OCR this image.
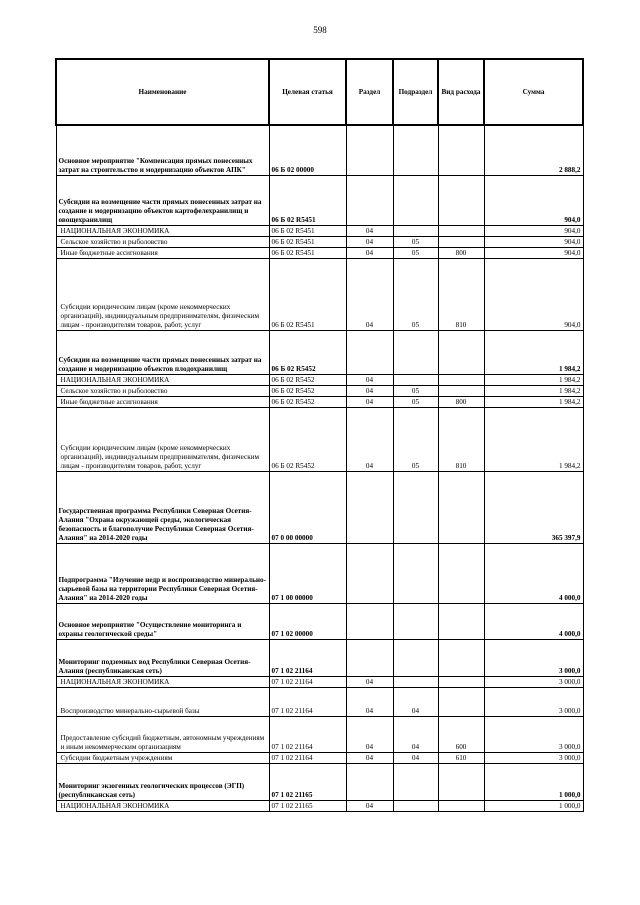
598
Наименование	Целевая статья	Раздел	Подраздел	Вид расхода	Сумма
Основное мероприятие "Компенсация прямых понесенных затрат на строительство и модернизацию объектов АПК"	06 Б 02 00000				2 888,2
Субсидии на возмещение части прямых понесенных затрат на создание и модернизацию объектов картофелехранилищ и овощехранилищ	06 Б 02 R5451				904,0
НАЦИОНАЛЬНАЯ ЭКОНОМИКА	06 Б 02 R5451	04			904,0
Сельское хозяйство и рыболовство	06 Б 02 R5451	04	05		904,0
Иные бюджетные ассигнования	06 Б 02 R5451	04	05	800	904,0
Субсидии юридическим лицам (кроме некоммерческих организаций), индивидуальным предпринимателям, физическим лицам - производителям товаров, работ, услуг	06 Б 02 R5451	04	05	810	904,0
Субсидии на возмещение части прямых понесенных затрат на создание и модернизацию объектов плодохранилищ	06 Б 02 R5452				1 984,2
НАЦИОНАЛЬНАЯ ЭКОНОМИКА	06 Б 02 R5452	04			1 984,2
Сельское хозяйство и рыболовство	06 Б 02 R5452	04	05		1 984,2
Иные бюджетные ассигнования	06 Б 02 R5452	04	05	800	1 984,2
Субсидии юридическим лицам (кроме некоммерческих организаций), индивидуальным предпринимателям, физическим лицам - производителям товаров, работ, услуг	06 Б 02 R5452	04	05	810	1 984,2
Государственная программа Республики Северная Осетия-Алания "Охрана окружающей среды, экологическая безопасность и благополучие Республики Северная Осетия-Алания" на 2014-2020 годы	07 0 00 00000				365 397,9
Подпрограмма "Изучение недр и воспроизводство минерально-сырьевой базы на территории Республики Северная Осетия-Алания" на 2014-2020 годы	07 1 00 00000				4 000,0
Основное мероприятие "Осуществление мониторинга и охраны геологической среды"	07 1 02 00000				4 000,0
Мониторинг подземных вод Республики Северная Осетия-Алания (республиканская сеть)	07 1 02 21164				3 000,0
НАЦИОНАЛЬНАЯ ЭКОНОМИКА	07 1 02 21164	04			3 000,0
Воспроизводство минерально-сырьевой базы	07 1 02 21164	04	04		3 000,0
Предоставление субсидий бюджетным, автономным учреждениям и иным некоммерческим организациям	07 1 02 21164	04	04	600	3 000,0
Субсидии бюджетным учреждениям	07 1 02 21164	04	04	610	3 000,0
Мониторинг экзогенных геологических процессов (ЭГП) (республиканская сеть)	07 1 02 21165				1 000,0
НАЦИОНАЛЬНАЯ ЭКОНОМИКА	07 1 02 21165	04			1 000,0
